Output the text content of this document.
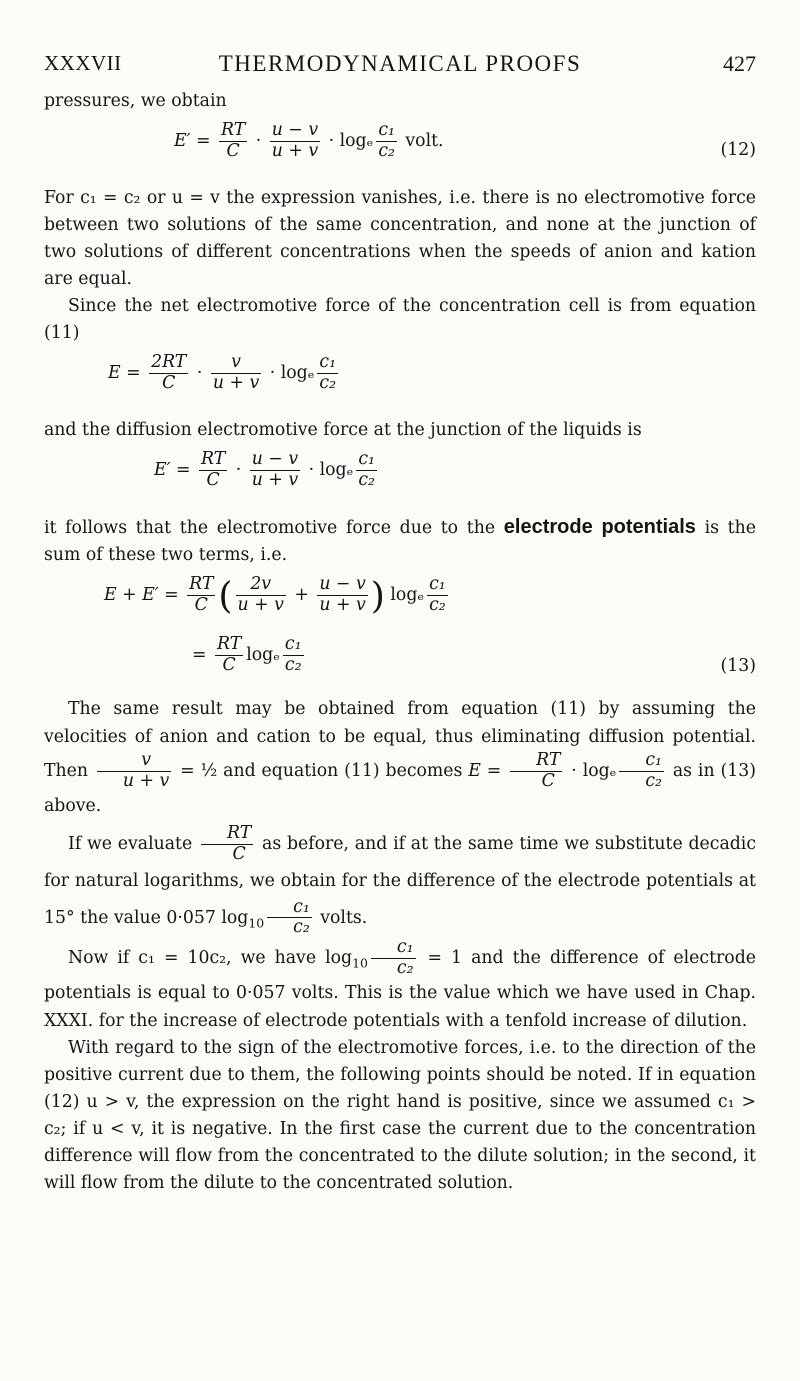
XXXVII	THERMODYNAMICAL PROOFS	427

pressures, we obtain

$E' = \frac{RT}{C} \cdot \frac{u - v}{u + v} \cdot \log_e \frac{\text{c₁}}{\text{c₂}}$ volt.	(12)

For c₁ = c₂ or u = v the expression vanishes, i.e. there is no electromotive force between two solutions of the same concentration, and none at the junction of two solutions of different concentrations when the speeds of anion and kation are equal.

Since the net electromotive force of the concentration cell is from equation (11)

$E = \frac{2RT}{C} \cdot \frac{v}{u + v} \cdot \log_e \frac{\text{c₁}}{\text{c₂}}$

and the diffusion electromotive force at the junction of the liquids is

$E' = \frac{RT}{C} \cdot \frac{u - v}{u + v} \cdot \log_e \frac{\text{c₁}}{\text{c₂}}$

it follows that the electromotive force due to the electrode potentials is the sum of these two terms, i.e.

$E + E' = \frac{RT}{C}$ ( $\frac{2v}{u + v} + \frac{u - v}{u + v}$ ) logₑ $\frac{\text{c₁}}{\text{c₂}}$
= $\frac{RT}{C}$ logₑ $\frac{\text{c₁}}{\text{c₂}}$	(13)

The same result may be obtained from equation (11) by assuming the velocities of anion and cation to be equal, thus eliminating diffusion potential. Then $\frac{v}{u + v}$ = ½ and equation (11) becomes $E = \frac{RT}{C} \cdot \log_e \frac{\text{c₁}}{\text{c₂}}$ as in (13) above.

If we evaluate $\frac{RT}{C}$ as before, and if at the same time we substitute decadic for natural logarithms, we obtain for the difference of the electrode potentials at 15° the value 0·057 $\log_{10} \frac{\text{c₁}}{\text{c₂}}$ volts.

Now if c₁ = 10c₂, we have $\log_{10} \frac{\text{c₁}}{\text{c₂}} = 1$ and the difference of electrode potentials is equal to 0·057 volts. This is the value which we have used in Chap. XXXI. for the increase of electrode potentials with a tenfold increase of dilution.

With regard to the sign of the electromotive forces, i.e. to the direction of the positive current due to them, the following points should be noted. If in equation (12) u > v, the expression on the right hand is positive, since we assumed c₁ > c₂; if u < v, it is negative. In the first case the current due to the concentration difference will flow from the concentrated to the dilute solution; in the second, it will flow from the dilute to the concentrated solution.
